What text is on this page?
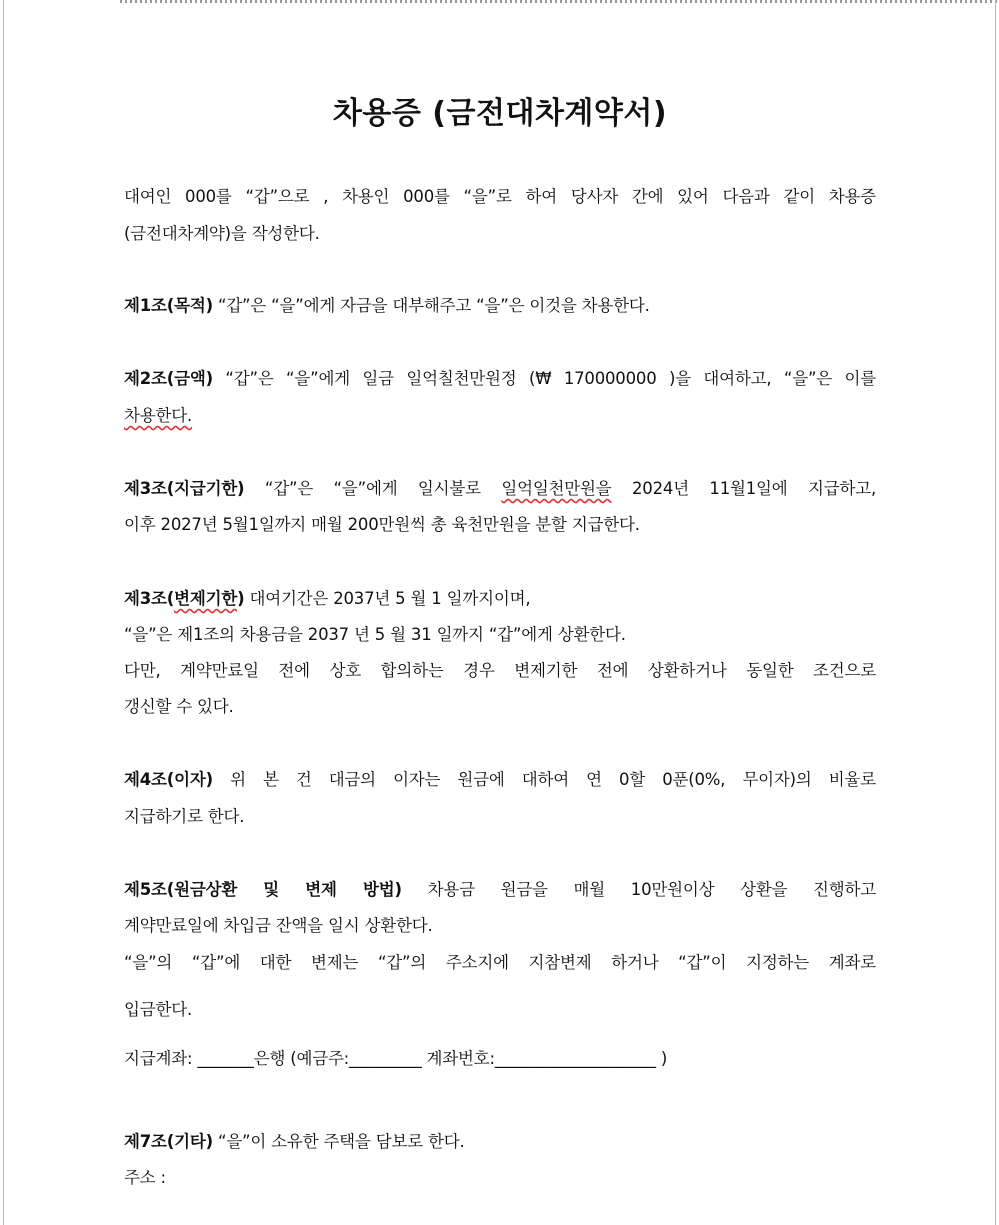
차용증 (금전대차계약서)
대여인 000를 “갑”으로 , 차용인 000를 “을”로 하여 당사자 간에 있어 다음과 같이 차용증
(금전대차계약)을 작성한다.
제1조(목적) “갑”은 “을”에게 자금을 대부해주고 “을”은 이것을 차용한다.
제2조(금액) “갑”은 “을”에게 일금 일억칠천만원정 (₩ 170000000 )을 대여하고, “을”은 이를
차용한다.
제3조(지급기한) “갑”은 “을”에게 일시불로 일억일천만원을 2024년 11월1일에 지급하고,
이후 2027년 5월1일까지 매월 200만원씩 총 육천만원을 분할 지급한다.
제3조(변제기한) 대여기간은 2037년 5 월 1 일까지이며,
“을”은 제1조의 차용금을 2037 년 5 월 31 일까지 “갑”에게 상환한다.
다만, 계약만료일 전에 상호 합의하는 경우 변제기한 전에 상환하거나 동일한 조건으로
갱신할 수 있다.
제4조(이자) 위 본 건 대금의 이자는 원금에 대하여 연 0할 0푼(0%, 무이자)의 비율로
지급하기로 한다.
제5조(원금상환 및 변제 방법) 차용금 원금을 매월 10만원이상 상환을 진행하고
계약만료일에 차입금 잔액을 일시 상환한다.
“을”의 “갑”에 대한 변제는 “갑”의 주소지에 지참변제 하거나 “갑”이 지정하는 계좌로
입금한다.
지급계좌: _______은행 (예금주:_________ 계좌번호:____________________ )
제7조(기타) “을”이 소유한 주택을 담보로 한다.
주소 :
